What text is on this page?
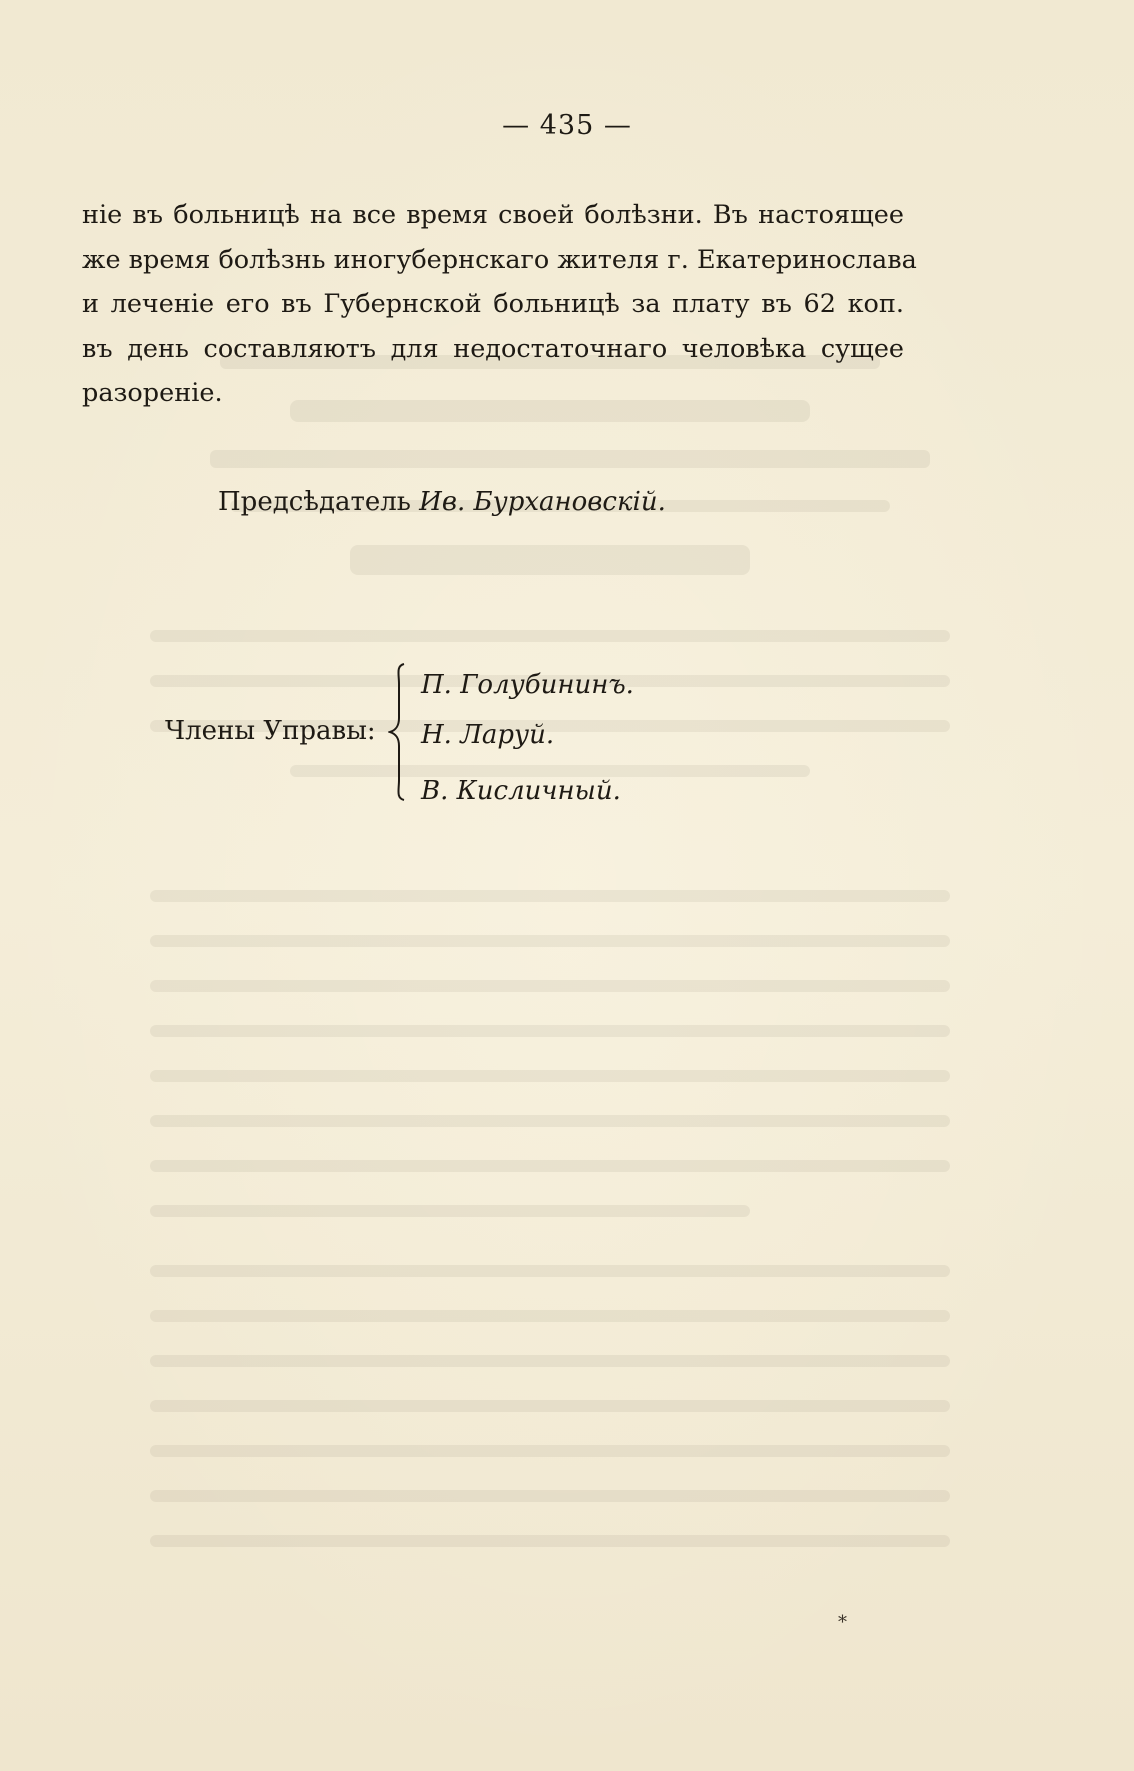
— 435 —
ніе въ больницѣ на все время своей болѣзни. Въ настоящее
же время болѣзнь иногубернскаго жителя г. Екатеринослава
и леченіе его въ Губернской больницѣ за плату въ 62 коп.
въ день составляютъ для недостаточнаго человѣка сущее
разореніе.
Предсѣдатель Ив. Бурхановскій.
Члены Управы:
П. Голубининъ.
Н. Ларуй.
В. Кисличный.
*
